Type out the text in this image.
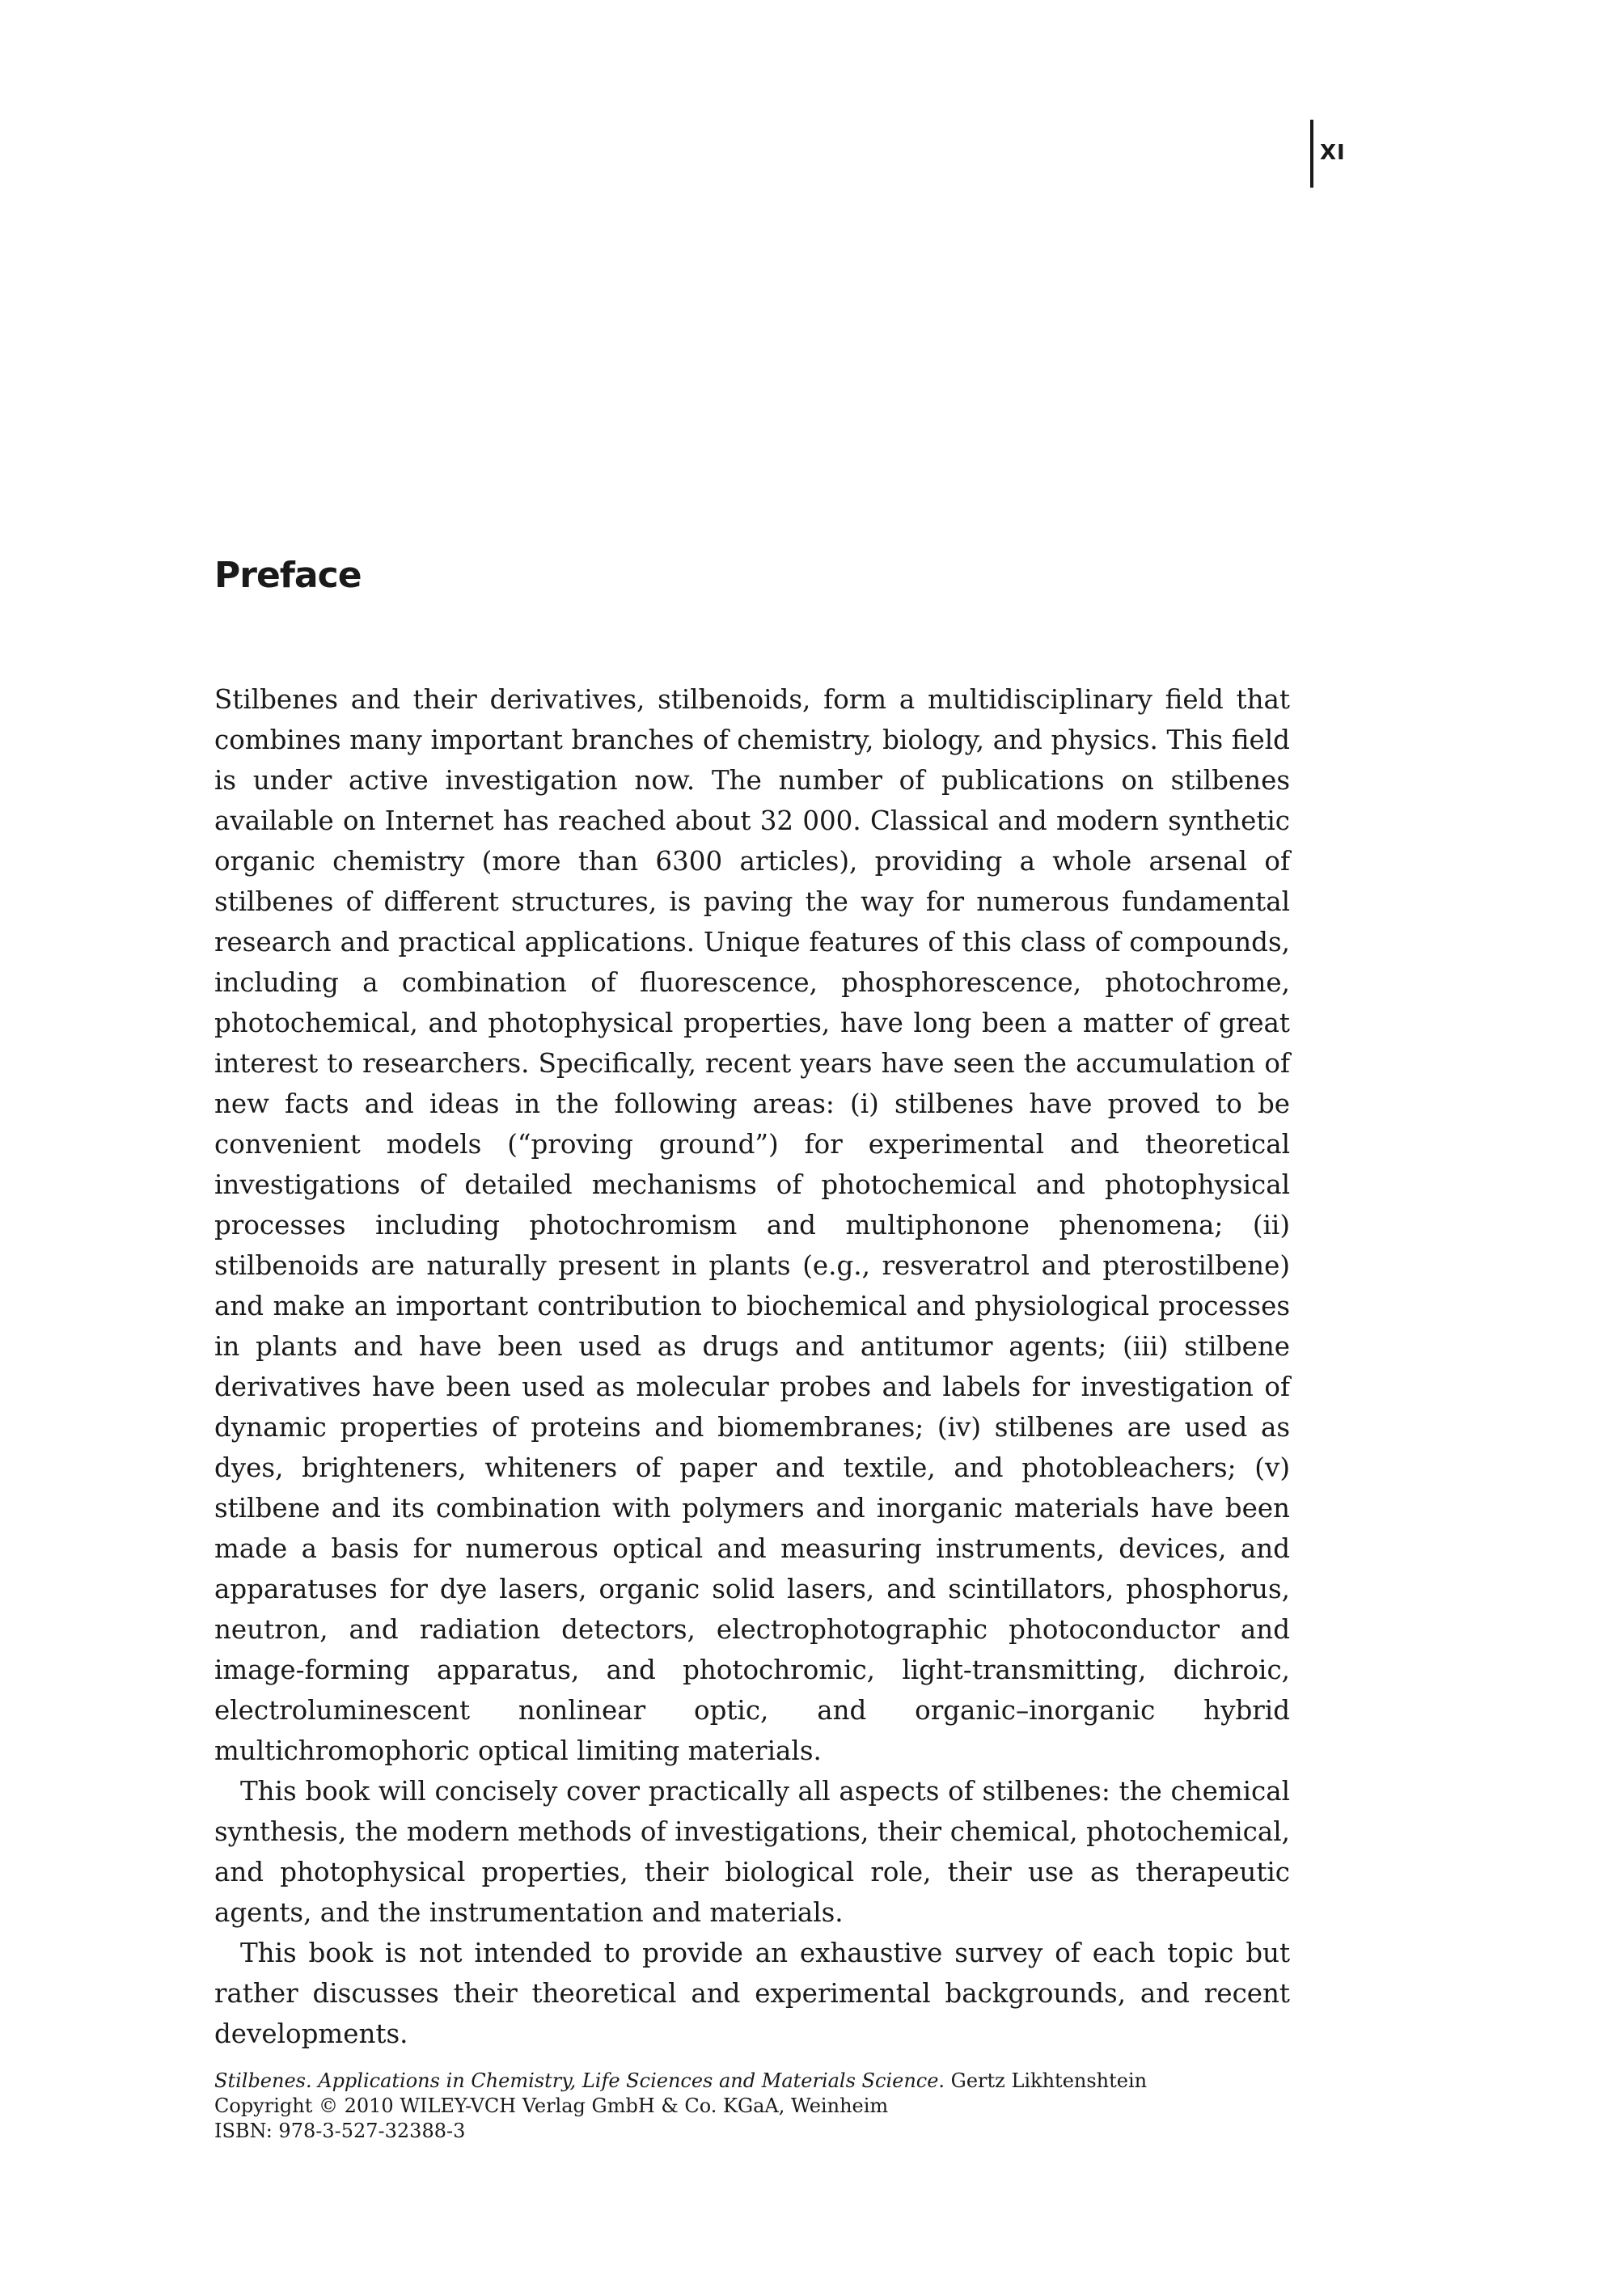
XI
Preface

Stilbenes and their derivatives, stilbenoids, form a multidisciplinary field that combines many important branches of chemistry, biology, and physics. This field is under active investigation now. The number of publications on stilbenes available on Internet has reached about 32 000. Classical and modern synthetic organic chemistry (more than 6300 articles), providing a whole arsenal of stilbenes of different structures, is paving the way for numerous fundamental research and practical applications. Unique features of this class of compounds, including a combination of fluorescence, phosphorescence, photochrome, photochemical, and photophysical properties, have long been a matter of great interest to researchers. Specifically, recent years have seen the accumulation of new facts and ideas in the following areas: (i) stilbenes have proved to be convenient models (“proving ground”) for experimental and theoretical investigations of detailed mechanisms of photochemical and photophysical processes including photochromism and multiphonone phenomena; (ii) stilbenoids are naturally present in plants (e.g., resveratrol and pterostilbene) and make an important contribution to biochemical and physiological processes in plants and have been used as drugs and antitumor agents; (iii) stilbene derivatives have been used as molecular probes and labels for investigation of dynamic properties of proteins and biomembranes; (iv) stilbenes are used as dyes, brighteners, whiteners of paper and textile, and photobleachers; (v) stilbene and its combination with polymers and inorganic materials have been made a basis for numerous optical and measuring instruments, devices, and apparatuses for dye lasers, organic solid lasers, and scintillators, phosphorus, neutron, and radiation detectors, electrophotographic photoconductor and image-forming apparatus, and photochromic, light-transmitting, dichroic, electroluminescent nonlinear optic, and organic–inorganic hybrid multichromophoric optical limiting materials.

This book will concisely cover practically all aspects of stilbenes: the chemical synthesis, the modern methods of investigations, their chemical, photochemical, and photophysical properties, their biological role, their use as therapeutic agents, and the instrumentation and materials.

This book is not intended to provide an exhaustive survey of each topic but rather discusses their theoretical and experimental backgrounds, and recent developments.

Stilbenes. Applications in Chemistry, Life Sciences and Materials Science. Gertz Likhtenshtein
Copyright © 2010 WILEY-VCH Verlag GmbH & Co. KGaA, Weinheim
ISBN: 978-3-527-32388-3
